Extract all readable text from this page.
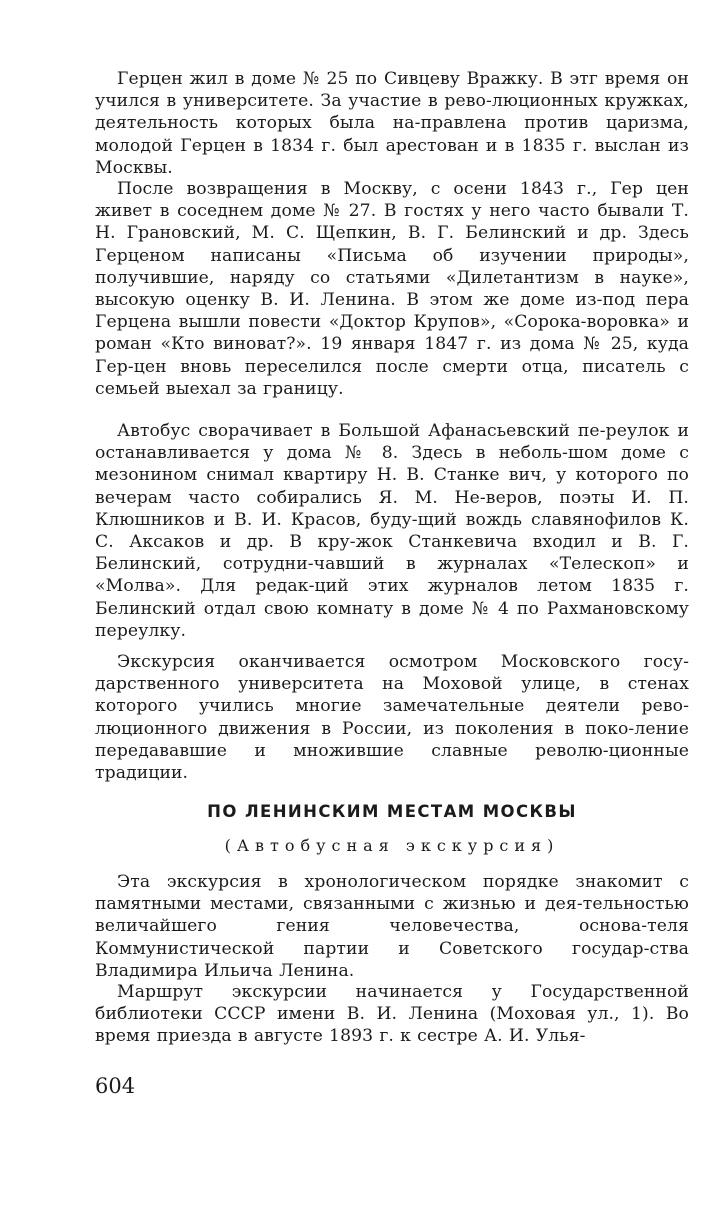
Герцен жил в доме № 25 по Сивцеву Вражку. В этг время он учился в университете. За участие в рево-люционных кружках, деятельность которых была на-правлена против царизма, молодой Герцен в 1834 г. был арестован и в 1835 г. выслан из Москвы.

После возвращения в Москву, с осени 1843 г., Гер цен живет в соседнем доме № 27. В гостях у него часто бывали Т. Н. Грановский, М. С. Щепкин, В. Г. Белинский и др. Здесь Герценом написаны «Письма об изучении природы», получившие, наряду со статьями «Дилетантизм в науке», высокую оценку В. И. Ленина. В этом же доме из-под пера Герцена вышли повести «Доктор Крупов», «Сорока-воровка» и роман «Кто виноват?». 19 января 1847 г. из дома № 25, куда Гер-цен вновь переселился после смерти отца, писатель с семьей выехал за границу.

Автобус сворачивает в Большой Афанасьевский пе-реулок и останавливается у дома № 8. Здесь в неболь-шом доме с мезонином снимал квартиру Н. В. Станке вич, у которого по вечерам часто собирались Я. М. Не-веров, поэты И. П. Клюшников и В. И. Красов, буду-щий вождь славянофилов К. С. Аксаков и др. В кру-жок Станкевича входил и В. Г. Белинский, сотрудни-чавший в журналах «Телескоп» и «Молва». Для редак-ций этих журналов летом 1835 г. Белинский отдал свою комнату в доме № 4 по Рахмановскому переулку.

Экскурсия оканчивается осмотром Московского госу-дарственного университета на Моховой улице, в стенах которого учились многие замечательные деятели рево-люционного движения в России, из поколения в поко-ление передававшие и множившие славные револю-ционные традиции.

ПО ЛЕНИНСКИМ МЕСТАМ МОСКВЫ

(Автобусная экскурсия)

Эта экскурсия в хронологическом порядке знакомит с памятными местами, связанными с жизнью и дея-тельностью величайшего гения человечества, основа-теля Коммунистической партии и Советского государ-ства Владимира Ильича Ленина.

Маршрут экскурсии начинается у Государственной библиотеки СССР имени В. И. Ленина (Моховая ул., 1). Во время приезда в августе 1893 г. к сестре А. И. Улья-

604
